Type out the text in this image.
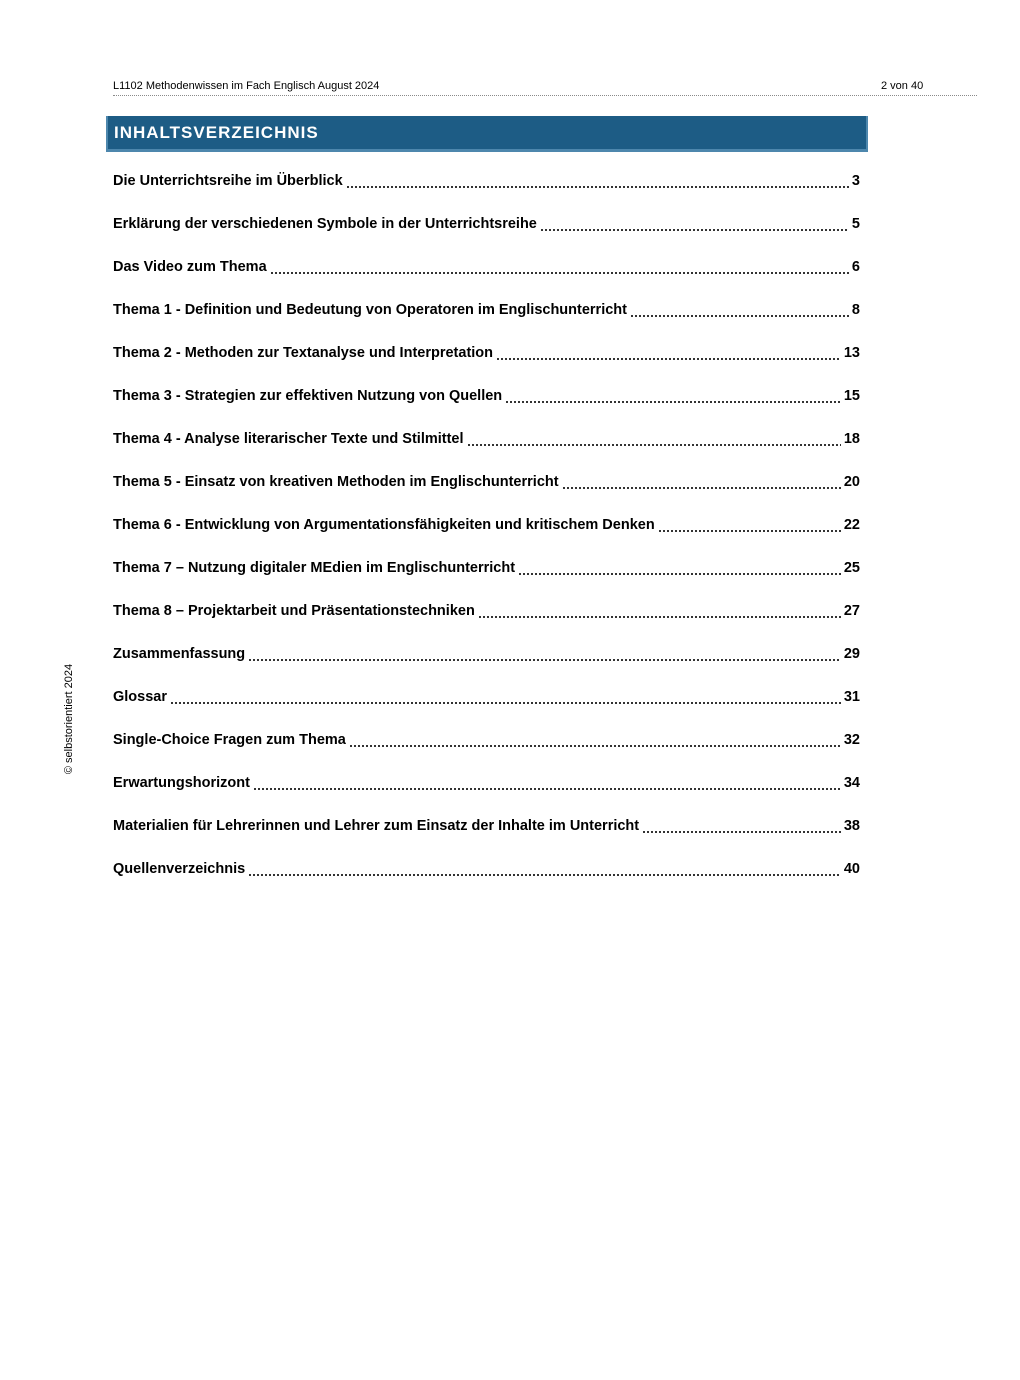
L1102 Methodenwissen im Fach Englisch August 2024	2 von 40
INHALTSVERZEICHNIS
Die Unterrichtsreihe im Überblick	3
Erklärung der verschiedenen Symbole in der Unterrichtsreihe	5
Das Video zum Thema	6
Thema 1 - Definition und Bedeutung von Operatoren im Englischunterricht	8
Thema 2 - Methoden zur Textanalyse und Interpretation	13
Thema 3 - Strategien zur effektiven Nutzung von Quellen	15
Thema 4 - Analyse literarischer Texte und Stilmittel	18
Thema 5 - Einsatz von kreativen Methoden im Englischunterricht	20
Thema 6 - Entwicklung von Argumentationsfähigkeiten und kritischem Denken	22
Thema 7 – Nutzung digitaler MEdien im Englischunterricht	25
Thema 8 – Projektarbeit und Präsentationstechniken	27
Zusammenfassung	29
Glossar	31
Single-Choice Fragen zum Thema	32
Erwartungshorizont	34
Materialien für Lehrerinnen und Lehrer zum Einsatz der Inhalte im Unterricht	38
Quellenverzeichnis	40
© selbstorientiert 2024
